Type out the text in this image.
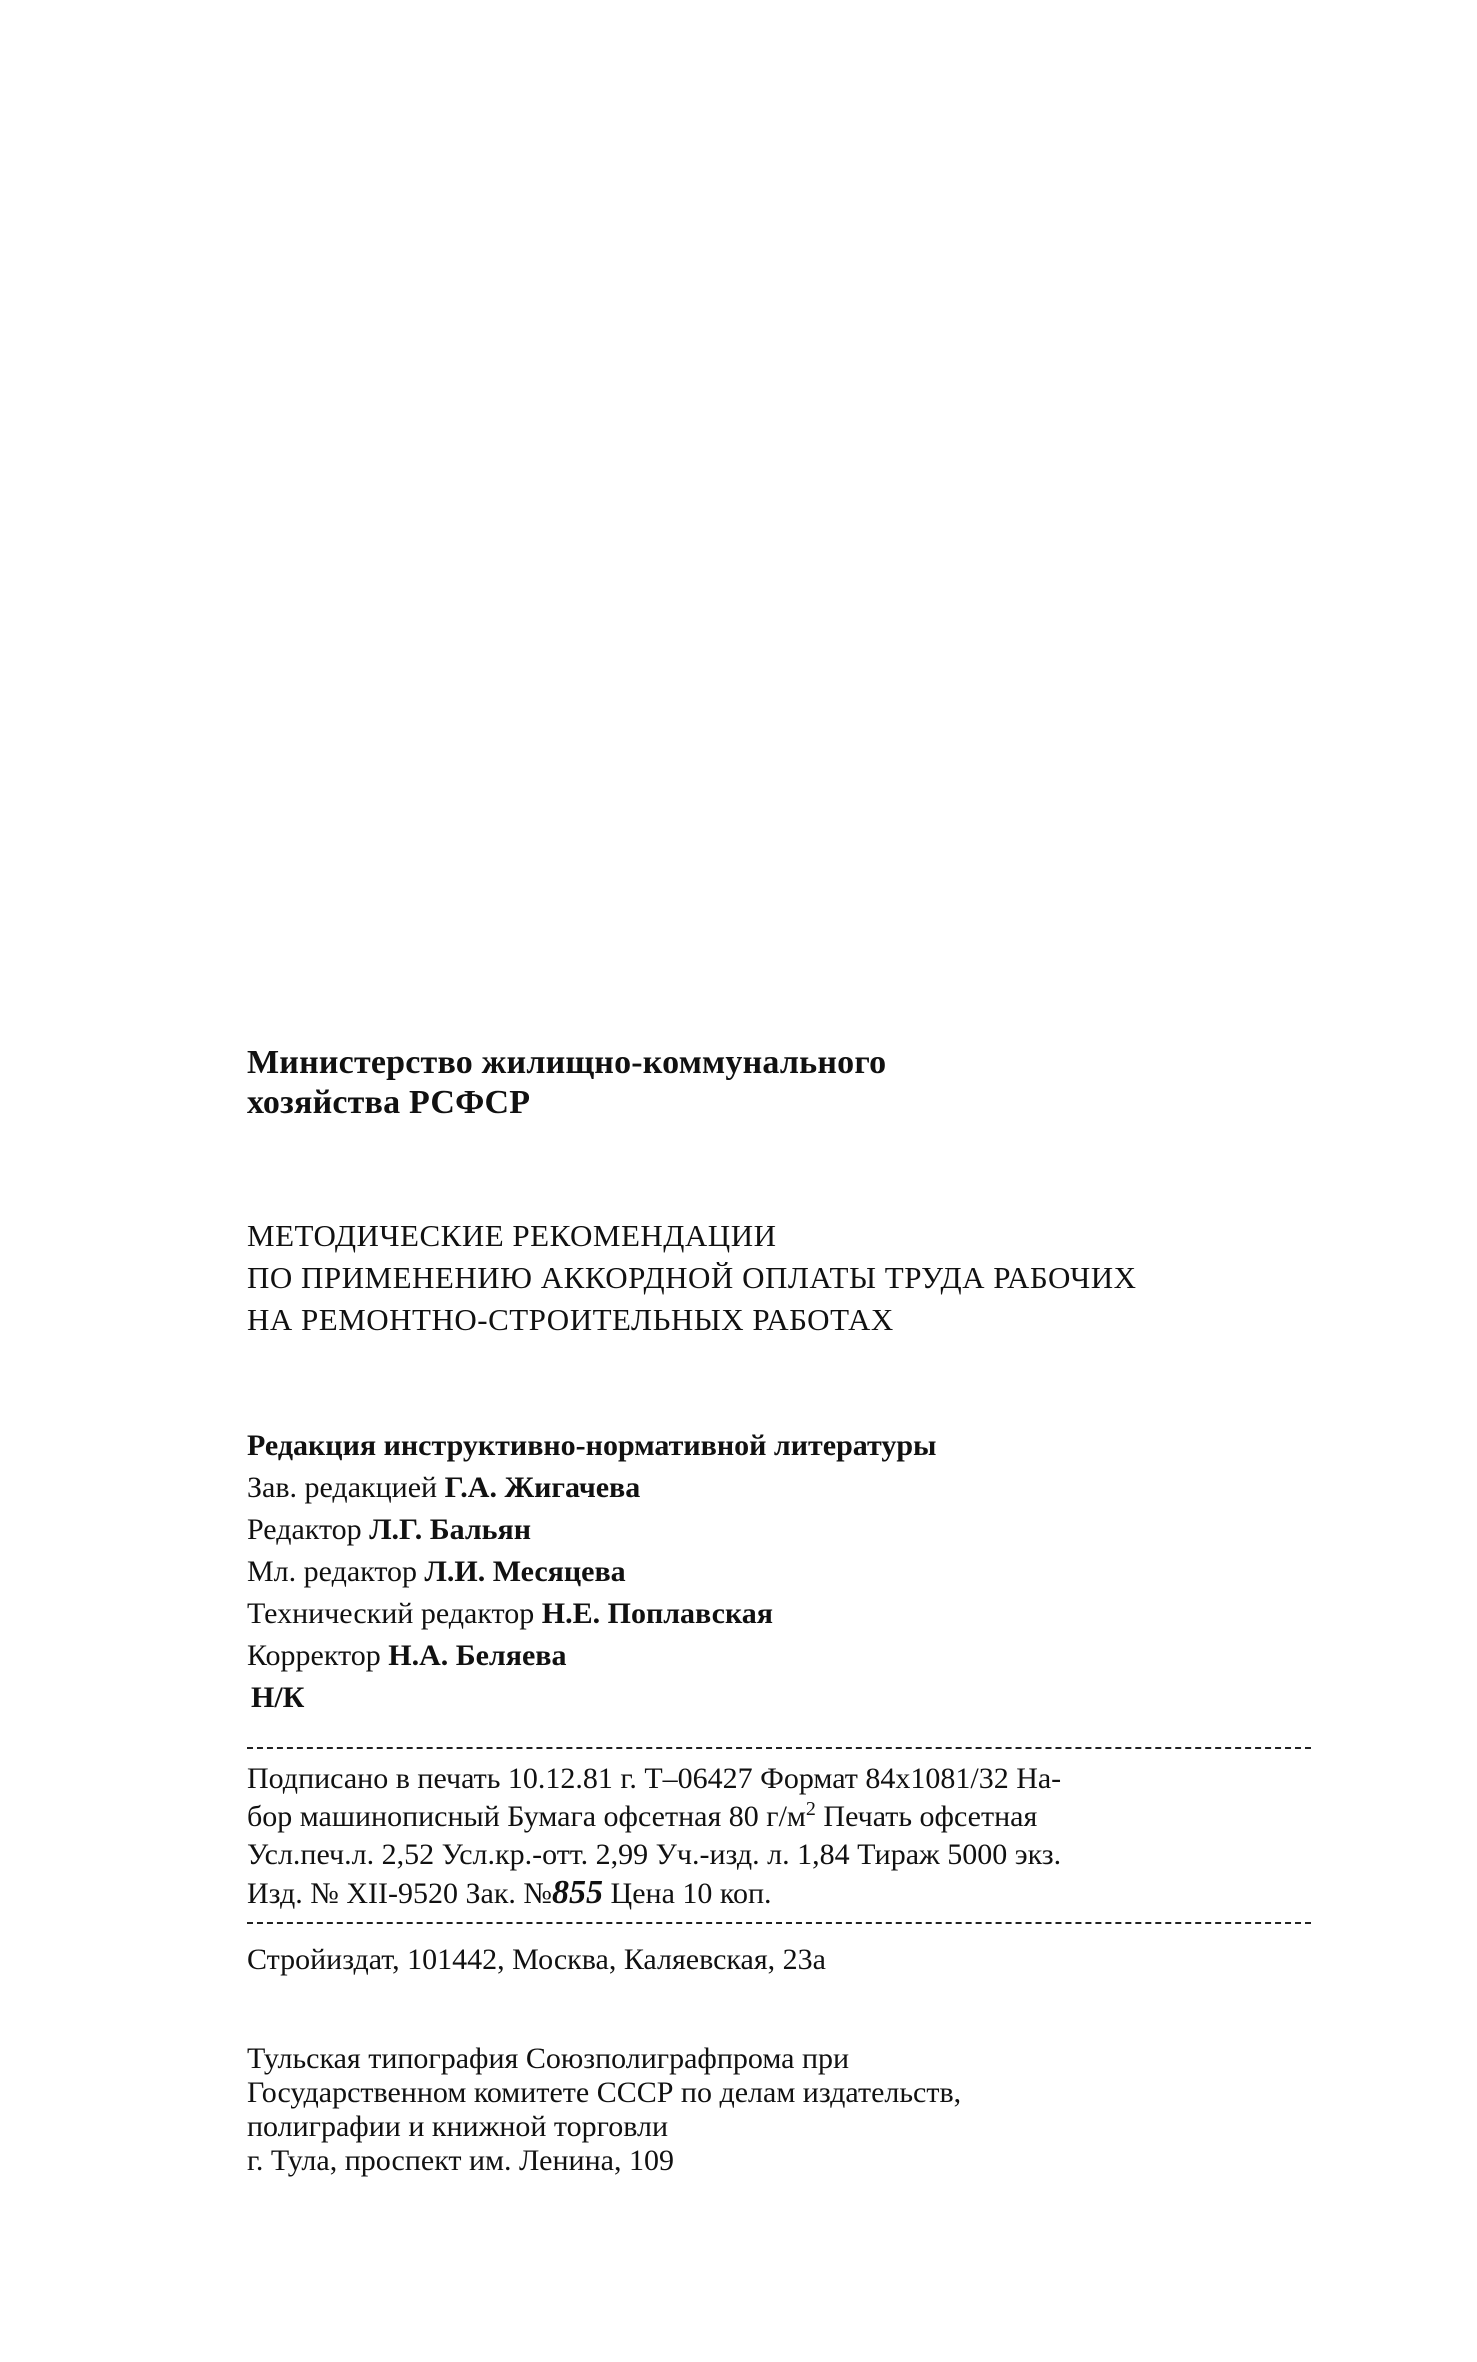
Министерство жилищно-коммунального
хозяйства РСФСР
МЕТОДИЧЕСКИЕ РЕКОМЕНДАЦИИ
ПО ПРИМЕНЕНИЮ АККОРДНОЙ ОПЛАТЫ ТРУДА РАБОЧИХ
НА РЕМОНТНО-СТРОИТЕЛЬНЫХ РАБОТАХ
Редакция инструктивно-нормативной литературы
Зав. редакцией Г.А. Жигачева
Редактор Л.Г. Бальян
Мл. редактор Л.И. Месяцева
Технический редактор Н.Е. Поплавская
Корректор Н.А. Беляева
Н/К
Подписано в печать 10.12.81 г. Т–06427 Формат 84х1081/32 На-
бор машинописный Бумага офсетная 80 $г/м^2$ Печать офсетная
Усл.печ.л. 2,52 Усл.кр.-отт. 2,99 Уч.-изд. л. 1,84 Тираж 5000 экз.
Изд. № XII-9520 Зак. №855 Цена 10 коп.
Стройиздат, 101442, Москва, Каляевская, 23а
Тульская типография Союзполиграфпрома при
Государственном комитете СССР по делам издательств,
полиграфии и книжной торговли
г. Тула, проспект им. Ленина, 109
